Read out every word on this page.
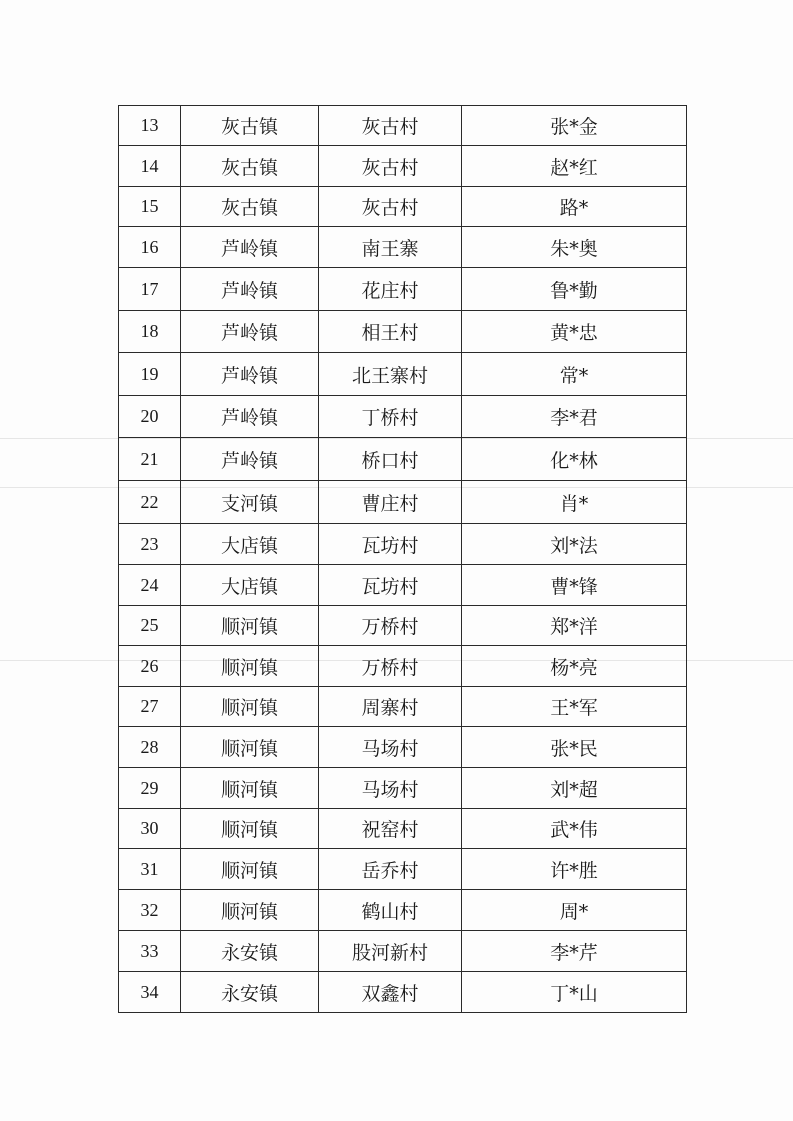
13	灰古镇	灰古村	张*金
14	灰古镇	灰古村	赵*红
15	灰古镇	灰古村	路*
16	芦岭镇	南王寨	朱*奥
17	芦岭镇	花庄村	鲁*勤
18	芦岭镇	相王村	黄*忠
19	芦岭镇	北王寨村	常*
20	芦岭镇	丁桥村	李*君
21	芦岭镇	桥口村	化*林
22	支河镇	曹庄村	肖*
23	大店镇	瓦坊村	刘*法
24	大店镇	瓦坊村	曹*锋
25	顺河镇	万桥村	郑*洋
26	顺河镇	万桥村	杨*亮
27	顺河镇	周寨村	王*军
28	顺河镇	马场村	张*民
29	顺河镇	马场村	刘*超
30	顺河镇	祝窑村	武*伟
31	顺河镇	岳乔村	许*胜
32	顺河镇	鹤山村	周*
33	永安镇	股河新村	李*芹
34	永安镇	双鑫村	丁*山
